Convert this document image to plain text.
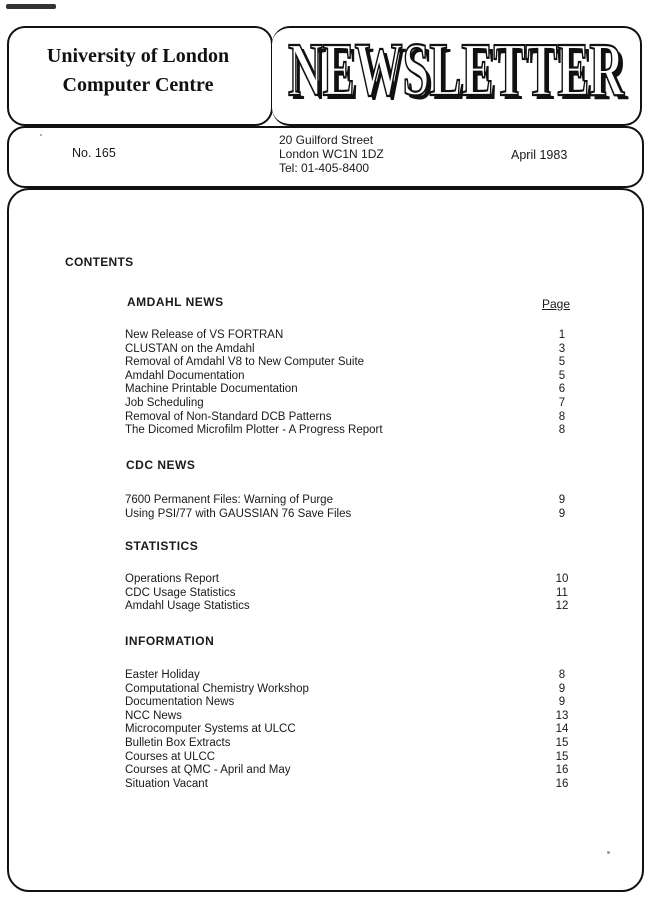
University of London
Computer Centre	NEWSLETTER
NEWSLETTER
No. 165
20 Guilford Street
London WC1N 1DZ
Tel: 01-405-8400
April 1983
CONTENTS
Page
AMDAHL NEWS
New Release of VS FORTRAN	1
CLUSTAN on the Amdahl	3
Removal of Amdahl V8 to New Computer Suite	5
Amdahl Documentation	5
Machine Printable Documentation	6
Job Scheduling	7
Removal of Non-Standard DCB Patterns	8
The Dicomed Microfilm Plotter - A Progress Report	8
CDC NEWS
7600 Permanent Files: Warning of Purge	9
Using PSI/77 with GAUSSIAN 76 Save Files	9
STATISTICS
Operations Report	10
CDC Usage Statistics	11
Amdahl Usage Statistics	12
INFORMATION
Easter Holiday	8
Computational Chemistry Workshop	9
Documentation News	9
NCC News	13
Microcomputer Systems at ULCC	14
Bulletin Box Extracts	15
Courses at ULCC	15
Courses at QMC - April and May	16
Situation Vacant	16
